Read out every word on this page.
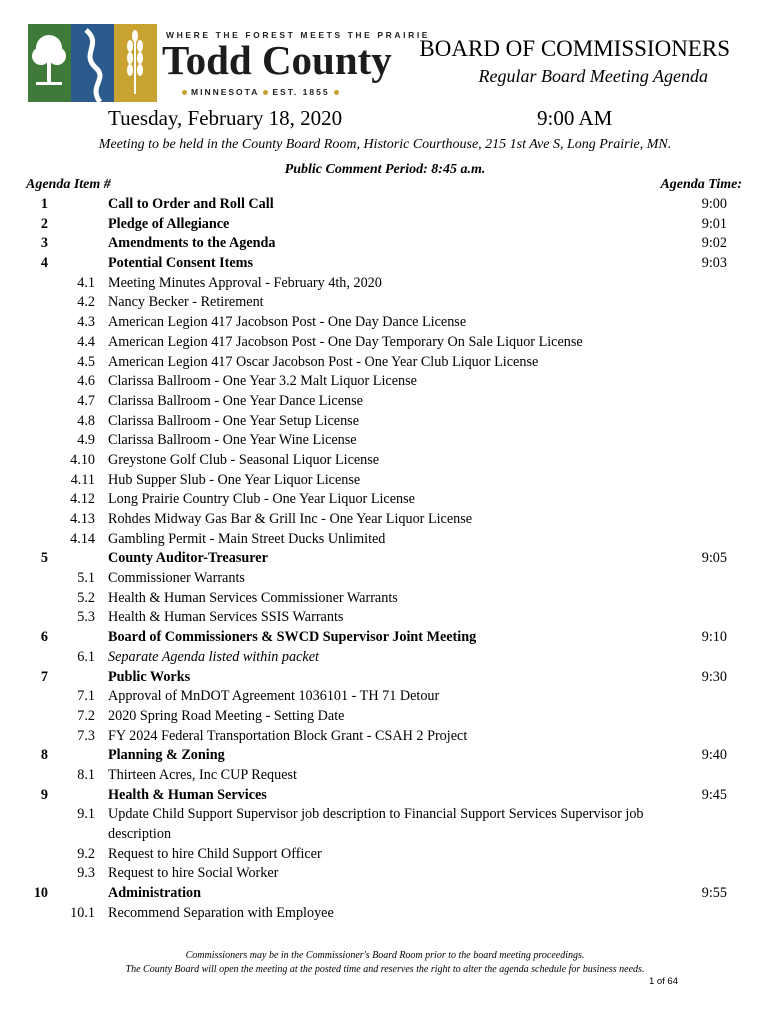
WHERE THE FOREST MEETS THE PRAIRIE
Todd County
MINNESOTA EST. 1855
BOARD OF COMMISSIONERS
Regular Board Meeting Agenda
Tuesday, February 18, 2020	9:00 AM
Meeting to be held in the County Board Room, Historic Courthouse, 215 1st Ave S, Long Prairie, MN.
Public Comment Period: 8:45 a.m.
Agenda Item #	Agenda Time:
1	Call to Order and Roll Call	9:00
2	Pledge of Allegiance	9:01
3	Amendments to the Agenda	9:02
4	Potential Consent Items	9:03
4.1 Meeting Minutes Approval - February 4th, 2020
4.2 Nancy Becker - Retirement
4.3 American Legion 417 Jacobson Post - One Day Dance License
4.4 American Legion 417 Jacobson Post - One Day Temporary On Sale Liquor License
4.5 American Legion 417 Oscar Jacobson Post - One Year Club Liquor License
4.6 Clarissa Ballroom - One Year 3.2 Malt Liquor License
4.7 Clarissa Ballroom - One Year Dance License
4.8 Clarissa Ballroom - One Year Setup License
4.9 Clarissa Ballroom - One Year Wine License
4.10 Greystone Golf Club - Seasonal Liquor License
4.11 Hub Supper Slub - One Year Liquor License
4.12 Long Prairie Country Club - One Year Liquor License
4.13 Rohdes Midway Gas Bar & Grill Inc - One Year Liquor License
4.14 Gambling Permit - Main Street Ducks Unlimited
5	County Auditor-Treasurer	9:05
5.1 Commissioner Warrants
5.2 Health & Human Services Commissioner Warrants
5.3 Health & Human Services SSIS Warrants
6	Board of Commissioners & SWCD Supervisor Joint Meeting	9:10
6.1 Separate Agenda listed within packet
7	Public Works	9:30
7.1 Approval of MnDOT Agreement 1036101 - TH 71 Detour
7.2 2020 Spring Road Meeting - Setting Date
7.3 FY 2024 Federal Transportation Block Grant - CSAH 2 Project
8	Planning & Zoning	9:40
8.1 Thirteen Acres, Inc CUP Request
9	Health & Human Services	9:45
9.1 Update Child Support Supervisor job description to Financial Support Services Supervisor job description
9.2 Request to hire Child Support Officer
9.3 Request to hire Social Worker
10	Administration	9:55
10.1 Recommend Separation with Employee
Commissioners may be in the Commissioner's Board Room prior to the board meeting proceedings.
The County Board will open the meeting at the posted time and reserves the right to alter the agenda schedule for business needs.
1 of 64
